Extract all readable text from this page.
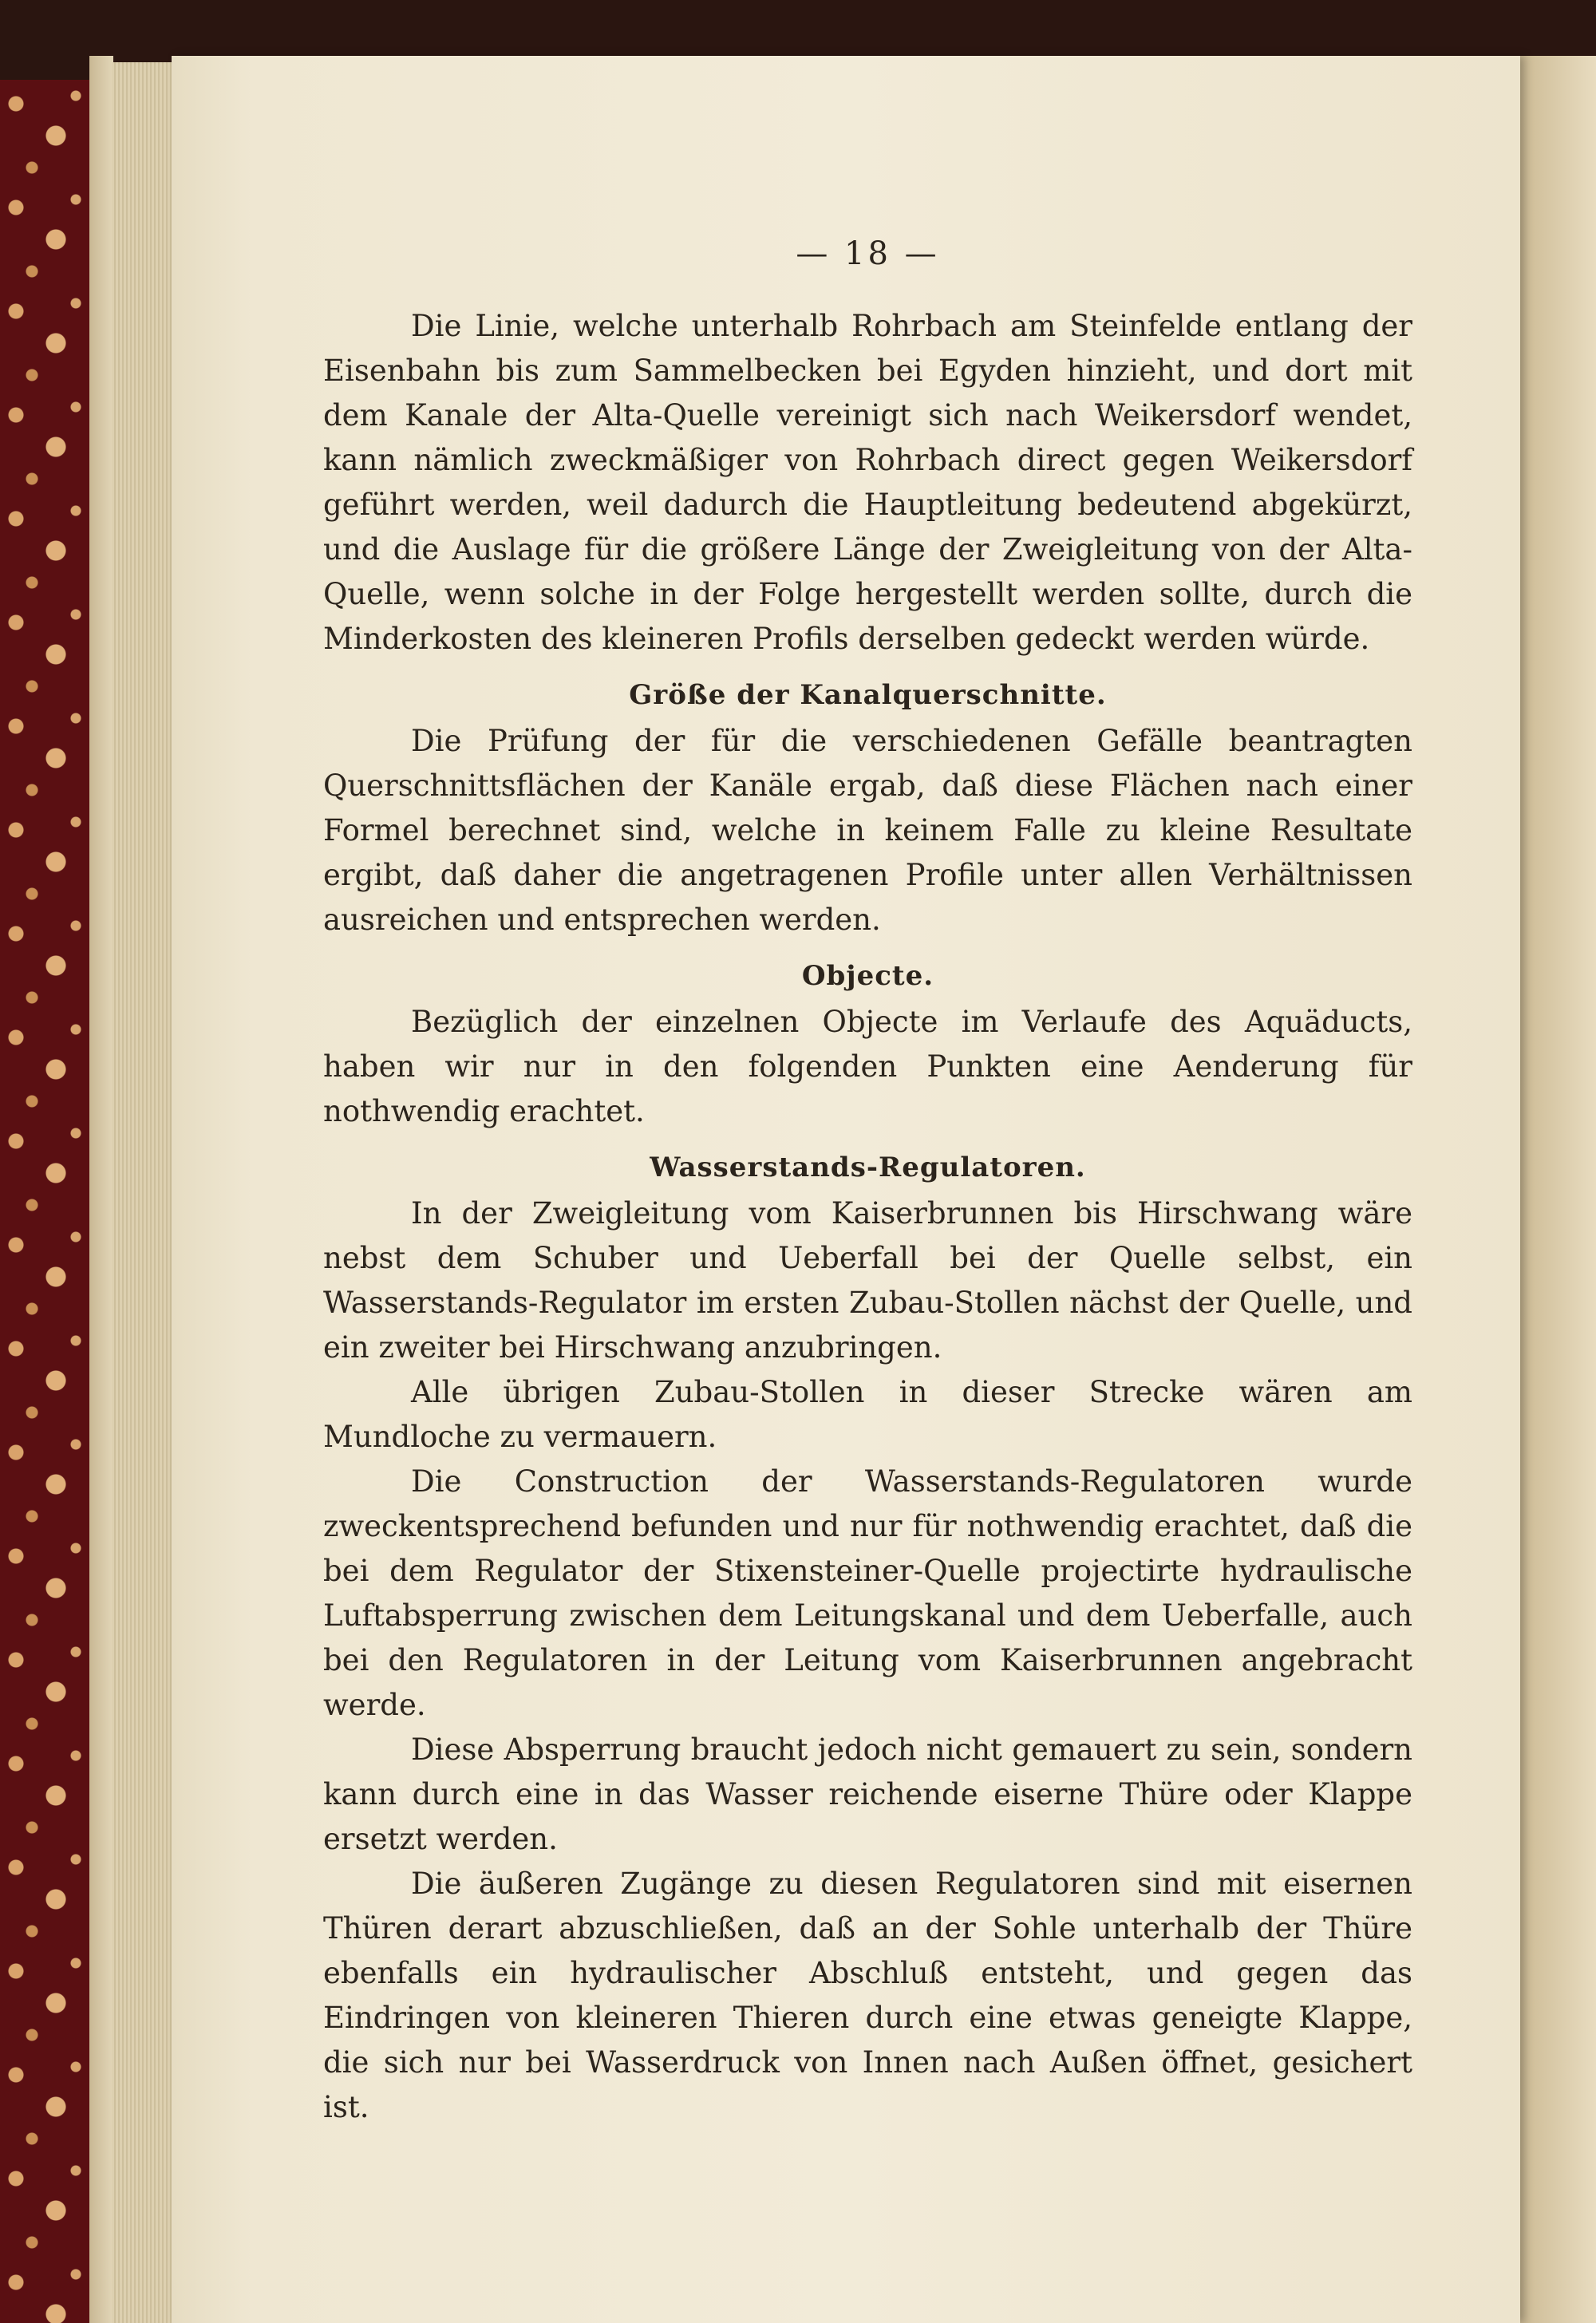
— 18 —

Die Linie, welche unterhalb Rohrbach am Steinfelde entlang der Eisenbahn bis zum Sammelbecken bei Egyden hinzieht, und dort mit dem Kanale der Alta-Quelle vereinigt sich nach Weikersdorf wendet, kann nämlich zweckmäßiger von Rohrbach direct gegen Weikersdorf geführt werden, weil dadurch die Hauptleitung bedeutend abgekürzt, und die Auslage für die größere Länge der Zweigleitung von der Alta-Quelle, wenn solche in der Folge hergestellt werden sollte, durch die Minderkosten des kleineren Profils derselben gedeckt werden würde.

Größe der Kanalquerschnitte.

Die Prüfung der für die verschiedenen Gefälle beantragten Querschnittsflächen der Kanäle ergab, daß diese Flächen nach einer Formel berechnet sind, welche in keinem Falle zu kleine Resultate ergibt, daß daher die angetragenen Profile unter allen Verhältnissen ausreichen und entsprechen werden.

Objecte.

Bezüglich der einzelnen Objecte im Verlaufe des Aquäducts, haben wir nur in den folgenden Punkten eine Aenderung für nothwendig erachtet.

Wasserstands-Regulatoren.

In der Zweigleitung vom Kaiserbrunnen bis Hirschwang wäre nebst dem Schuber und Ueberfall bei der Quelle selbst, ein Wasserstands-Regulator im ersten Zubau-Stollen nächst der Quelle, und ein zweiter bei Hirschwang anzubringen.

Alle übrigen Zubau-Stollen in dieser Strecke wären am Mundloche zu vermauern.

Die Construction der Wasserstands-Regulatoren wurde zweckentsprechend befunden und nur für nothwendig erachtet, daß die bei dem Regulator der Stixensteiner-Quelle projectirte hydraulische Luftabsperrung zwischen dem Leitungskanal und dem Ueberfalle, auch bei den Regulatoren in der Leitung vom Kaiserbrunnen angebracht werde.

Diese Absperrung braucht jedoch nicht gemauert zu sein, sondern kann durch eine in das Wasser reichende eiserne Thüre oder Klappe ersetzt werden.

Die äußeren Zugänge zu diesen Regulatoren sind mit eisernen Thüren derart abzuschließen, daß an der Sohle unterhalb der Thüre ebenfalls ein hydraulischer Abschluß entsteht, und gegen das Eindringen von kleineren Thieren durch eine etwas geneigte Klappe, die sich nur bei Wasserdruck von Innen nach Außen öffnet, gesichert ist.
